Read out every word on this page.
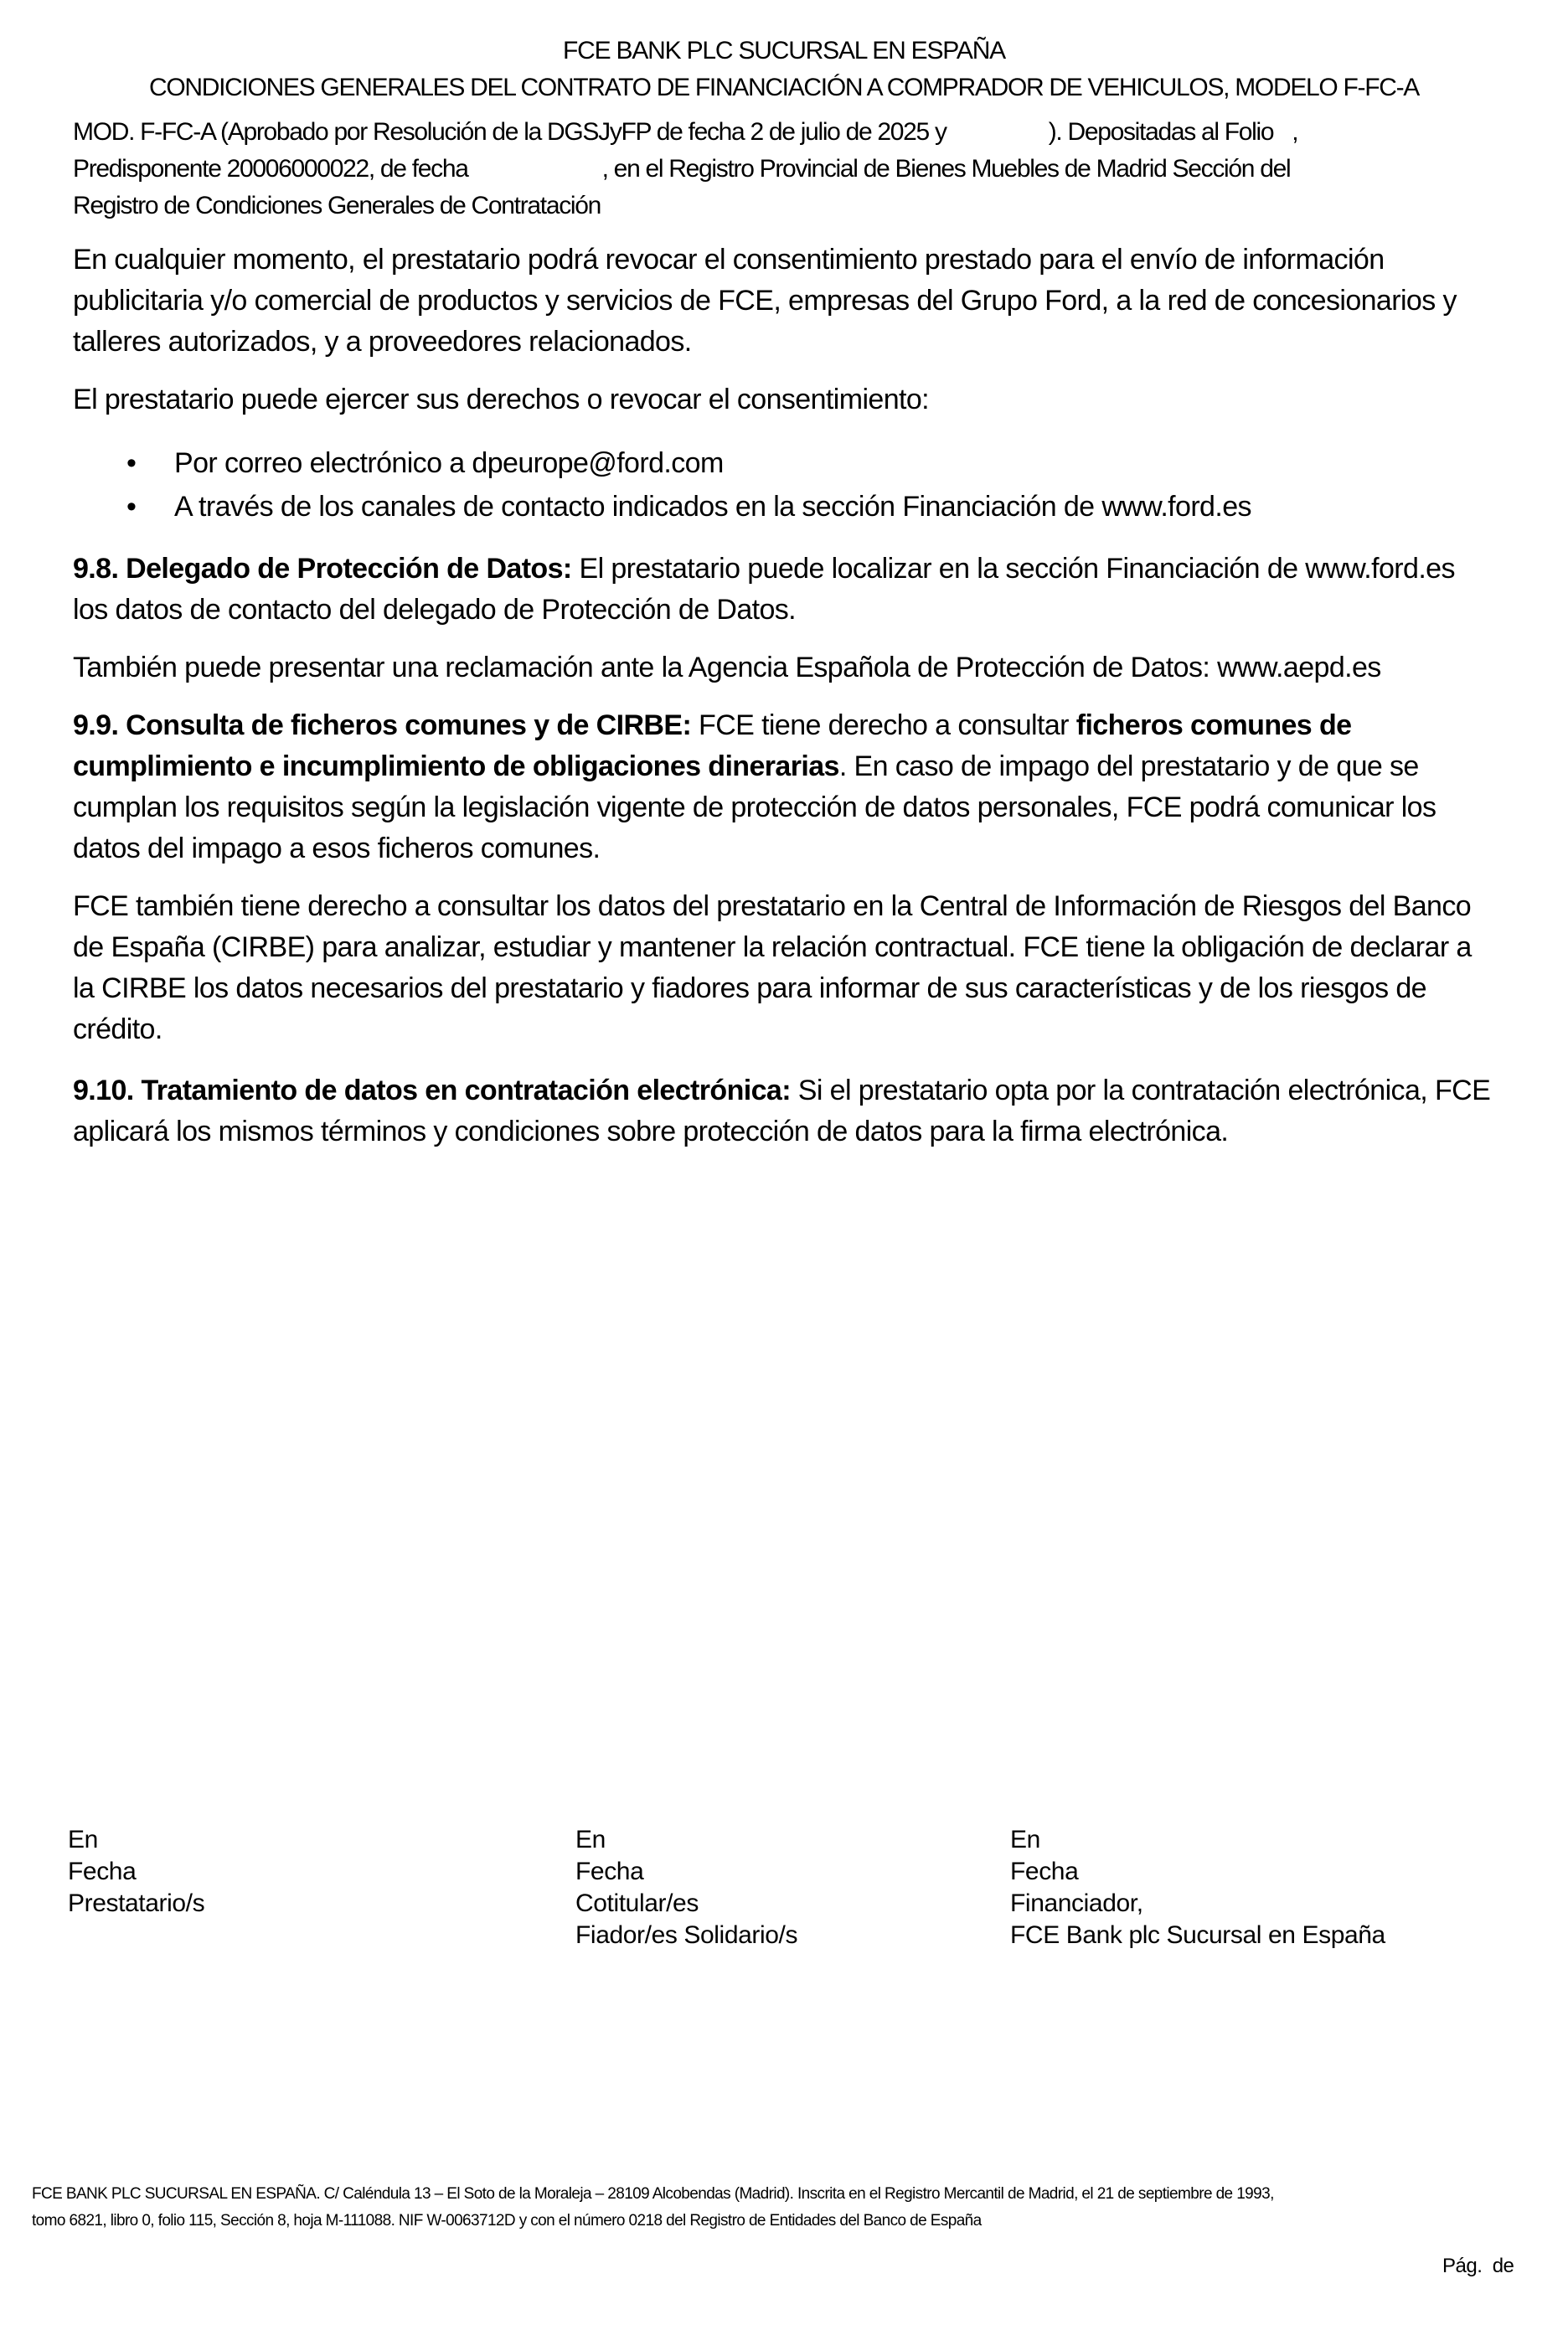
FCE BANK PLC SUCURSAL EN ESPAÑA
CONDICIONES GENERALES DEL CONTRATO DE FINANCIACIÓN A COMPRADOR DE VEHICULOS, MODELO F-FC-A
MOD. F-FC-A (Aprobado por Resolución de la DGSJyFP de fecha 2 de julio de 2025 y	). Depositadas al Folio ,
Predisponente 20006000022, de fecha	, en el Registro Provincial de Bienes Muebles de Madrid Sección del
Registro de Condiciones Generales de Contratación

En cualquier momento, el prestatario podrá revocar el consentimiento prestado para el envío de información publicitaria y/o comercial de productos y servicios de FCE, empresas del Grupo Ford, a la red de concesionarios y talleres autorizados, y a proveedores relacionados.

El prestatario puede ejercer sus derechos o revocar el consentimiento:

• Por correo electrónico a dpeurope@ford.com
• A través de los canales de contacto indicados en la sección Financiación de www.ford.es

9.8. Delegado de Protección de Datos: El prestatario puede localizar en la sección Financiación de www.ford.es los datos de contacto del delegado de Protección de Datos.

También puede presentar una reclamación ante la Agencia Española de Protección de Datos: www.aepd.es

9.9. Consulta de ficheros comunes y de CIRBE: FCE tiene derecho a consultar ficheros comunes de cumplimiento e incumplimiento de obligaciones dinerarias. En caso de impago del prestatario y de que se cumplan los requisitos según la legislación vigente de protección de datos personales, FCE podrá comunicar los datos del impago a esos ficheros comunes.

FCE también tiene derecho a consultar los datos del prestatario en la Central de Información de Riesgos del Banco de España (CIRBE) para analizar, estudiar y mantener la relación contractual. FCE tiene la obligación de declarar a la CIRBE los datos necesarios del prestatario y fiadores para informar de sus características y de los riesgos de crédito.

9.10. Tratamiento de datos en contratación electrónica: Si el prestatario opta por la contratación electrónica, FCE aplicará los mismos términos y condiciones sobre protección de datos para la firma electrónica.

En
Fecha
Prestatario/s
En
Fecha
Cotitular/es
Fiador/es Solidario/s
En
Fecha
Financiador,
FCE Bank plc Sucursal en España
FCE BANK PLC SUCURSAL EN ESPAÑA. C/ Caléndula 13 – El Soto de la Moraleja – 28109 Alcobendas (Madrid). Inscrita en el Registro Mercantil de Madrid, el 21 de septiembre de 1993,
tomo 6821, libro 0, folio 115, Sección 8, hoja M-111088. NIF W-0063712D y con el número 0218 del Registro de Entidades del Banco de España
Pág.  de
